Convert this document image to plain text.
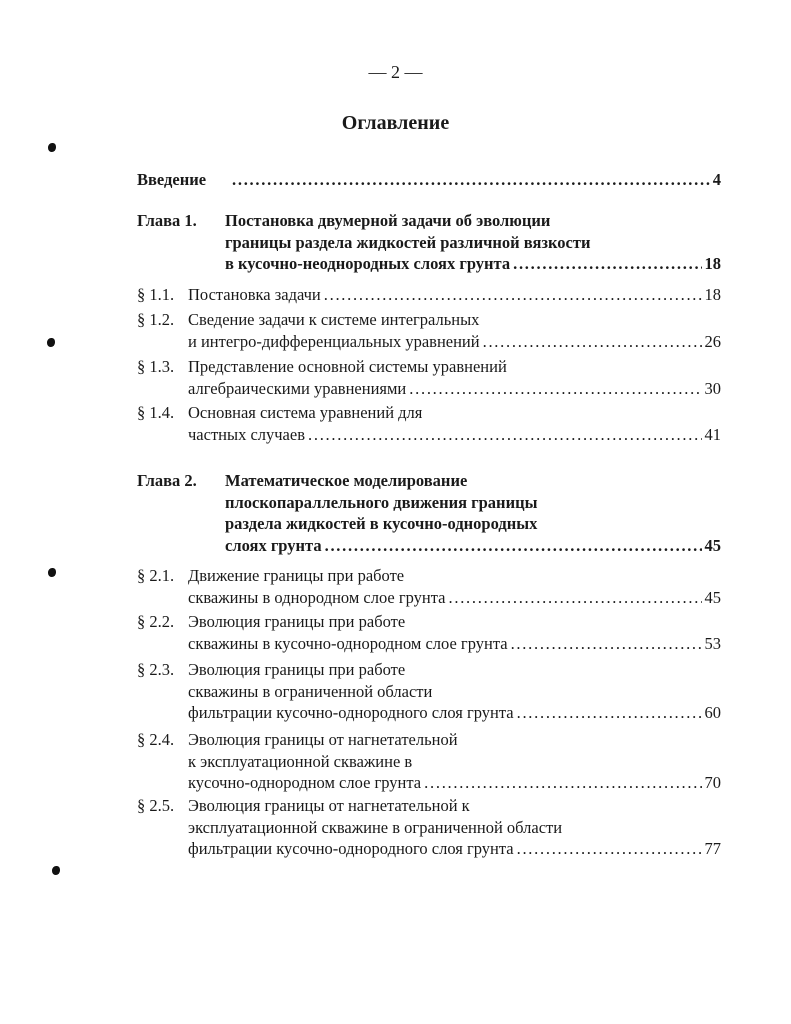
— 2 —
Оглавление
Введение . . .	4
Глава 1. Постановка двумерной задачи об эволюции
границы раздела жидкостей различной вязкости
в кусочно-неоднородных слоях грунта . . .	18
§ 1.1. Постановка задачи . . .	18
§ 1.2. Сведение задачи к системе интегральных
и интегро-дифференциальных уравнений . . .	26
§ 1.3. Представление основной системы уравнений
алгебраическими уравнениями . . .	30
§ 1.4. Основная система уравнений для
частных случаев . . .	41
Глава 2. Математическое моделирование
плоскопараллельного движения границы
раздела жидкостей в кусочно-однородных
слоях грунта . . .	45
§ 2.1. Движение границы при работе
скважины в однородном слое грунта . . .	45
§ 2.2. Эволюция границы при работе
скважины в кусочно-однородном слое грунта . . .	53
§ 2.3. Эволюция границы при работе
скважины в ограниченной области
фильтрации кусочно-однородного слоя грунта . . .	60
§ 2.4. Эволюция границы от нагнетательной
к эксплуатационной скважине в
кусочно-однородном слое грунта . . .	70
§ 2.5. Эволюция границы от нагнетательной к
эксплуатационной скважине в ограниченной области
фильтрации кусочно-однородного слоя грунта . . .	77
